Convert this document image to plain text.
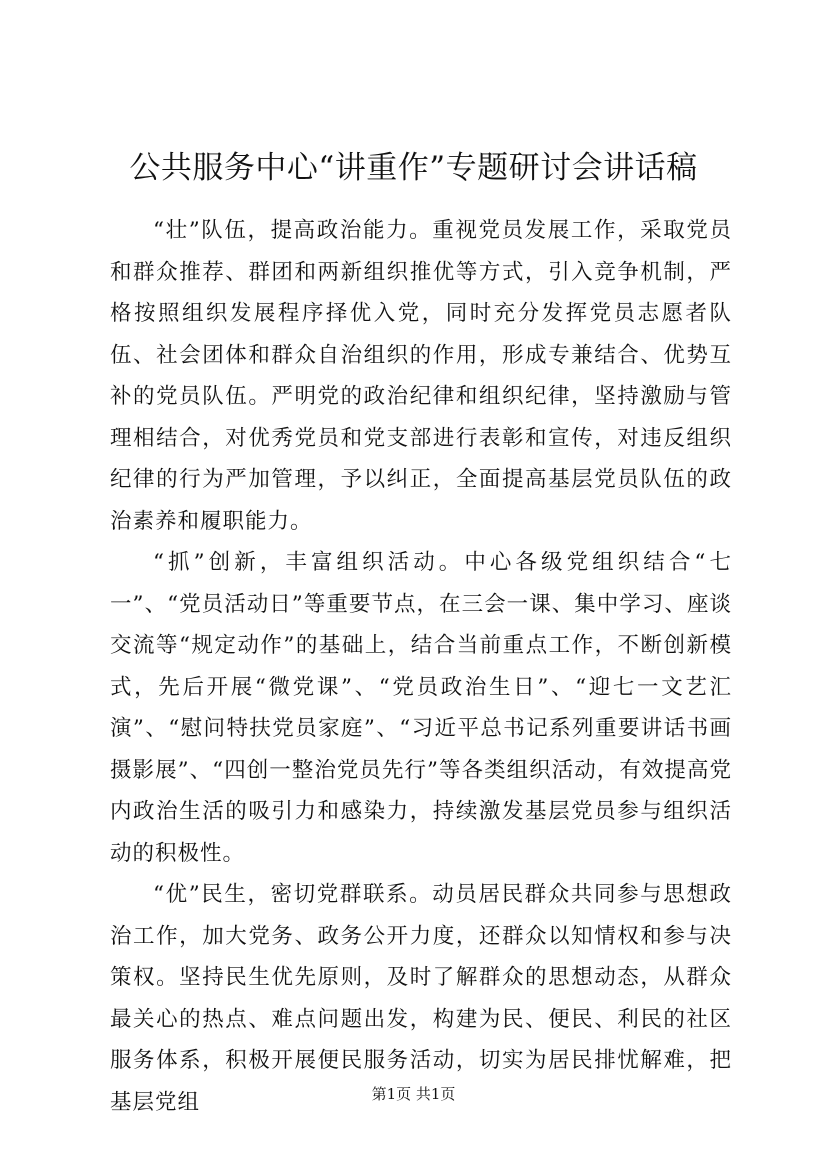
公共服务中心“讲重作”专题研讨会讲话稿

“壮”队伍，提高政治能力。重视党员发展工作，采取党员和群众推荐、群团和两新组织推优等方式，引入竞争机制，严格按照组织发展程序择优入党，同时充分发挥党员志愿者队伍、社会团体和群众自治组织的作用，形成专兼结合、优势互补的党员队伍。严明党的政治纪律和组织纪律，坚持激励与管理相结合，对优秀党员和党支部进行表彰和宣传，对违反组织纪律的行为严加管理，予以纠正，全面提高基层党员队伍的政治素养和履职能力。

“抓”创新，丰富组织活动。中心各级党组织结合“七一”、“党员活动日”等重要节点，在三会一课、集中学习、座谈交流等“规定动作”的基础上，结合当前重点工作，不断创新模式，先后开展“微党课”、“党员政治生日”、“迎七一文艺汇演”、“慰问特扶党员家庭”、“习近平总书记系列重要讲话书画摄影展”、“四创一整治党员先行”等各类组织活动，有效提高党内政治生活的吸引力和感染力，持续激发基层党员参与组织活动的积极性。

“优”民生，密切党群联系。动员居民群众共同参与思想政治工作，加大党务、政务公开力度，还群众以知情权和参与决策权。坚持民生优先原则，及时了解群众的思想动态，从群众最关心的热点、难点问题出发，构建为民、便民、利民的社区服务体系，积极开展便民服务活动，切实为居民排忧解难，把基层党组	第1页 共1页
